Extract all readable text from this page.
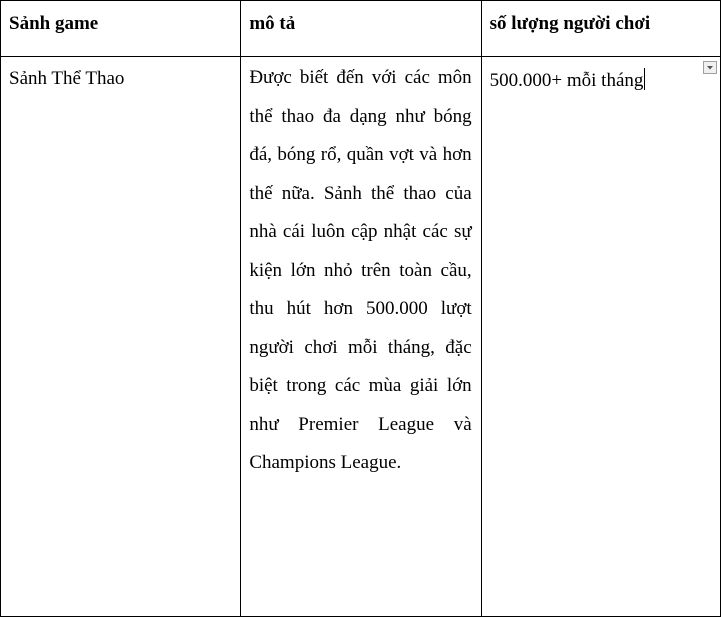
Sảnh game	mô tả	số lượng người chơi

Sảnh Thể Thao	Được biết đến với các môn thể thao đa dạng như bóng đá, bóng rổ, quần vợt và hơn thế nữa. Sảnh thể thao của nhà cái luôn cập nhật các sự kiện lớn nhỏ trên toàn cầu, thu hút hơn 500.000 lượt người chơi mỗi tháng, đặc biệt trong các mùa giải lớn như Premier League và Champions League.	500.000+ mỗi tháng
